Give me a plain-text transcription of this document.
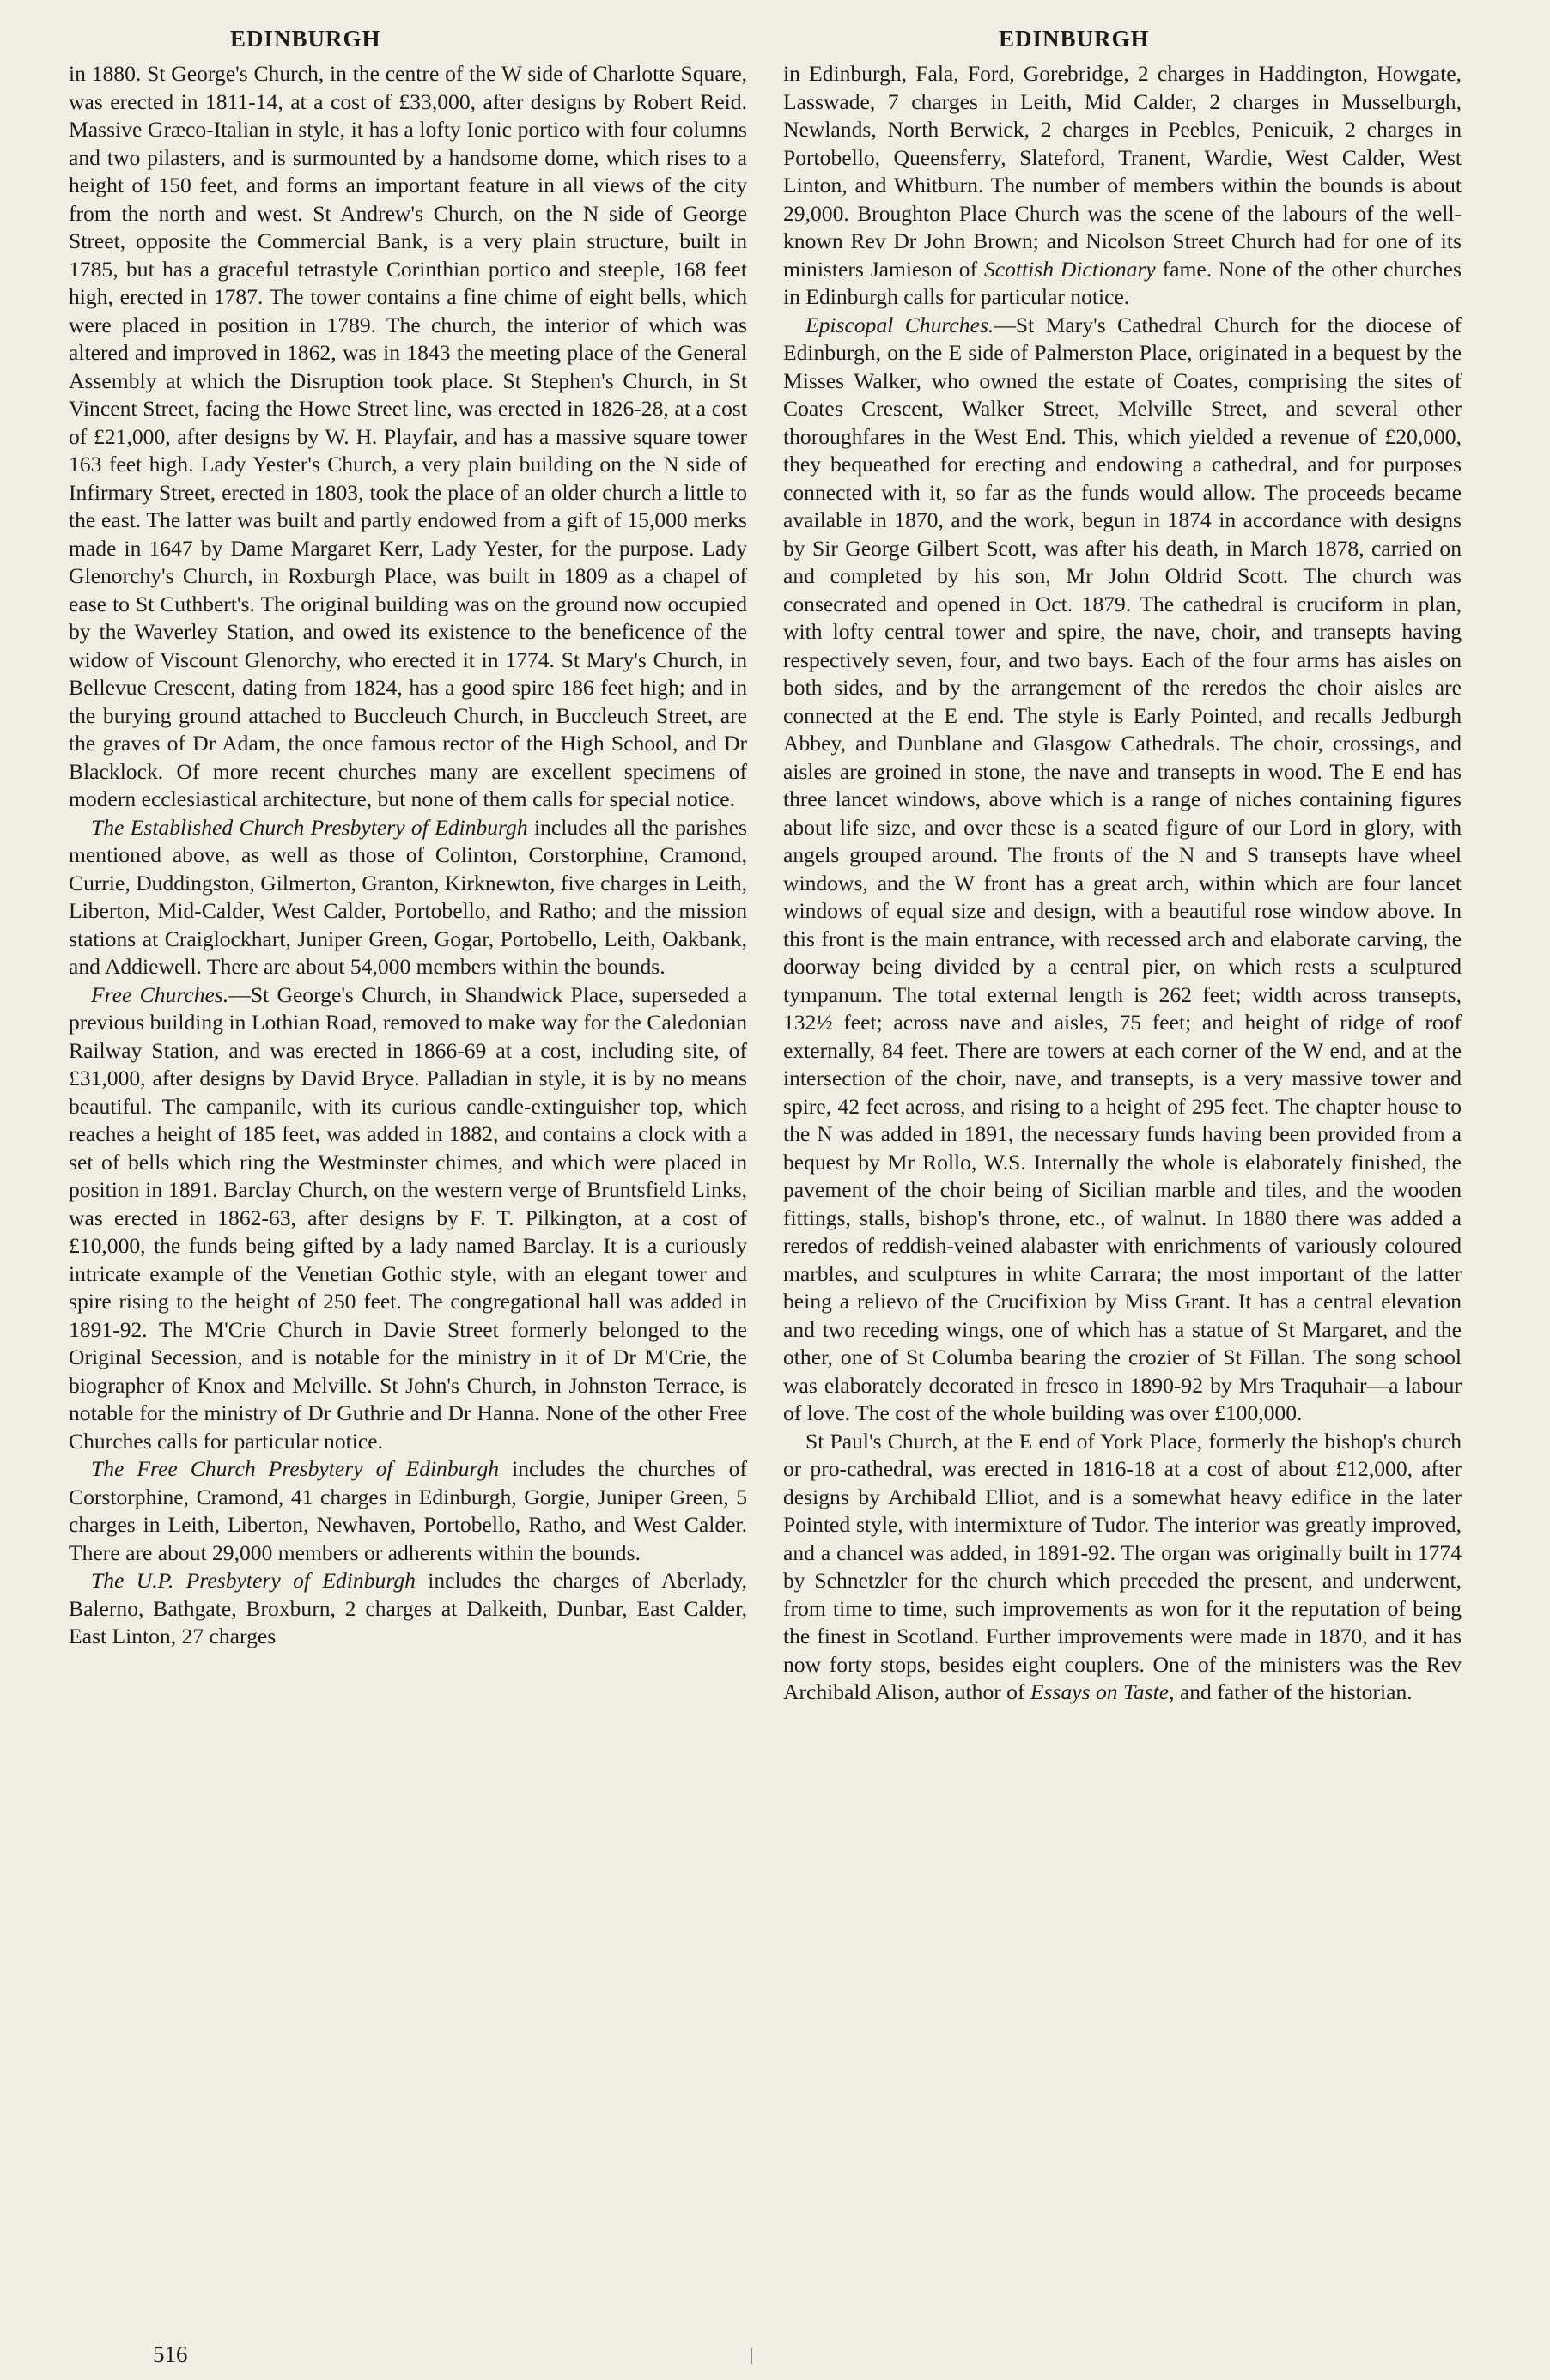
EDINBURGH	EDINBURGH

in 1880. St George's Church, in the centre of the W side of Charlotte Square, was erected in 1811-14, at a cost of £33,000, after designs by Robert Reid. Massive Græco-Italian in style, it has a lofty Ionic portico with four columns and two pilasters, and is surmounted by a handsome dome, which rises to a height of 150 feet, and forms an important feature in all views of the city from the north and west. St Andrew's Church, on the N side of George Street, opposite the Commercial Bank, is a very plain structure, built in 1785, but has a graceful tetrastyle Corinthian portico and steeple, 168 feet high, erected in 1787. The tower contains a fine chime of eight bells, which were placed in position in 1789. The church, the interior of which was altered and improved in 1862, was in 1843 the meeting place of the General Assembly at which the Disruption took place. St Stephen's Church, in St Vincent Street, facing the Howe Street line, was erected in 1826-28, at a cost of £21,000, after designs by W. H. Playfair, and has a massive square tower 163 feet high. Lady Yester's Church, a very plain building on the N side of Infirmary Street, erected in 1803, took the place of an older church a little to the east. The latter was built and partly endowed from a gift of 15,000 merks made in 1647 by Dame Margaret Kerr, Lady Yester, for the purpose. Lady Glenorchy's Church, in Roxburgh Place, was built in 1809 as a chapel of ease to St Cuthbert's. The original building was on the ground now occupied by the Waverley Station, and owed its existence to the beneficence of the widow of Viscount Glenorchy, who erected it in 1774. St Mary's Church, in Bellevue Crescent, dating from 1824, has a good spire 186 feet high; and in the burying ground attached to Buccleuch Church, in Buccleuch Street, are the graves of Dr Adam, the once famous rector of the High School, and Dr Blacklock. Of more recent churches many are excellent specimens of modern ecclesiastical architecture, but none of them calls for special notice.

The Established Church Presbytery of Edinburgh includes all the parishes mentioned above, as well as those of Colinton, Corstorphine, Cramond, Currie, Duddingston, Gilmerton, Granton, Kirknewton, five charges in Leith, Liberton, Mid-Calder, West Calder, Portobello, and Ratho; and the mission stations at Craiglockhart, Juniper Green, Gogar, Portobello, Leith, Oakbank, and Addiewell. There are about 54,000 members within the bounds.

Free Churches.—St George's Church, in Shandwick Place, superseded a previous building in Lothian Road, removed to make way for the Caledonian Railway Station, and was erected in 1866-69 at a cost, including site, of £31,000, after designs by David Bryce. Palladian in style, it is by no means beautiful. The campanile, with its curious candle-extinguisher top, which reaches a height of 185 feet, was added in 1882, and contains a clock with a set of bells which ring the Westminster chimes, and which were placed in position in 1891. Barclay Church, on the western verge of Bruntsfield Links, was erected in 1862-63, after designs by F. T. Pilkington, at a cost of £10,000, the funds being gifted by a lady named Barclay. It is a curiously intricate example of the Venetian Gothic style, with an elegant tower and spire rising to the height of 250 feet. The congregational hall was added in 1891-92. The M'Crie Church in Davie Street formerly belonged to the Original Secession, and is notable for the ministry in it of Dr M'Crie, the biographer of Knox and Melville. St John's Church, in Johnston Terrace, is notable for the ministry of Dr Guthrie and Dr Hanna. None of the other Free Churches calls for particular notice.

The Free Church Presbytery of Edinburgh includes the churches of Corstorphine, Cramond, 41 charges in Edinburgh, Gorgie, Juniper Green, 5 charges in Leith, Liberton, Newhaven, Portobello, Ratho, and West Calder. There are about 29,000 members or adherents within the bounds.

The U.P. Presbytery of Edinburgh includes the charges of Aberlady, Balerno, Bathgate, Broxburn, 2 charges at Dalkeith, Dunbar, East Calder, East Linton, 27 charges

in Edinburgh, Fala, Ford, Gorebridge, 2 charges in Haddington, Howgate, Lasswade, 7 charges in Leith, Mid Calder, 2 charges in Musselburgh, Newlands, North Berwick, 2 charges in Peebles, Penicuik, 2 charges in Portobello, Queensferry, Slateford, Tranent, Wardie, West Calder, West Linton, and Whitburn. The number of members within the bounds is about 29,000. Broughton Place Church was the scene of the labours of the well-known Rev Dr John Brown; and Nicolson Street Church had for one of its ministers Jamieson of Scottish Dictionary fame. None of the other churches in Edinburgh calls for particular notice.

Episcopal Churches.—St Mary's Cathedral Church for the diocese of Edinburgh, on the E side of Palmerston Place, originated in a bequest by the Misses Walker, who owned the estate of Coates, comprising the sites of Coates Crescent, Walker Street, Melville Street, and several other thoroughfares in the West End. This, which yielded a revenue of £20,000, they bequeathed for erecting and endowing a cathedral, and for purposes connected with it, so far as the funds would allow. The proceeds became available in 1870, and the work, begun in 1874 in accordance with designs by Sir George Gilbert Scott, was after his death, in March 1878, carried on and completed by his son, Mr John Oldrid Scott. The church was consecrated and opened in Oct. 1879. The cathedral is cruciform in plan, with lofty central tower and spire, the nave, choir, and transepts having respectively seven, four, and two bays. Each of the four arms has aisles on both sides, and by the arrangement of the reredos the choir aisles are connected at the E end. The style is Early Pointed, and recalls Jedburgh Abbey, and Dunblane and Glasgow Cathedrals. The choir, crossings, and aisles are groined in stone, the nave and transepts in wood. The E end has three lancet windows, above which is a range of niches containing figures about life size, and over these is a seated figure of our Lord in glory, with angels grouped around. The fronts of the N and S transepts have wheel windows, and the W front has a great arch, within which are four lancet windows of equal size and design, with a beautiful rose window above. In this front is the main entrance, with recessed arch and elaborate carving, the doorway being divided by a central pier, on which rests a sculptured tympanum. The total external length is 262 feet; width across transepts, 132½ feet; across nave and aisles, 75 feet; and height of ridge of roof externally, 84 feet. There are towers at each corner of the W end, and at the intersection of the choir, nave, and transepts, is a very massive tower and spire, 42 feet across, and rising to a height of 295 feet. The chapter house to the N was added in 1891, the necessary funds having been provided from a bequest by Mr Rollo, W.S. Internally the whole is elaborately finished, the pavement of the choir being of Sicilian marble and tiles, and the wooden fittings, stalls, bishop's throne, etc., of walnut. In 1880 there was added a reredos of reddish-veined alabaster with enrichments of variously coloured marbles, and sculptures in white Carrara; the most important of the latter being a relievo of the Crucifixion by Miss Grant. It has a central elevation and two receding wings, one of which has a statue of St Margaret, and the other, one of St Columba bearing the crozier of St Fillan. The song school was elaborately decorated in fresco in 1890-92 by Mrs Traquhair—a labour of love. The cost of the whole building was over £100,000.

St Paul's Church, at the E end of York Place, formerly the bishop's church or pro-cathedral, was erected in 1816-18 at a cost of about £12,000, after designs by Archibald Elliot, and is a somewhat heavy edifice in the later Pointed style, with intermixture of Tudor. The interior was greatly improved, and a chancel was added, in 1891-92. The organ was originally built in 1774 by Schnetzler for the church which preceded the present, and underwent, from time to time, such improvements as won for it the reputation of being the finest in Scotland. Further improvements were made in 1870, and it has now forty stops, besides eight couplers. One of the ministers was the Rev Archibald Alison, author of Essays on Taste, and father of the historian.

516
